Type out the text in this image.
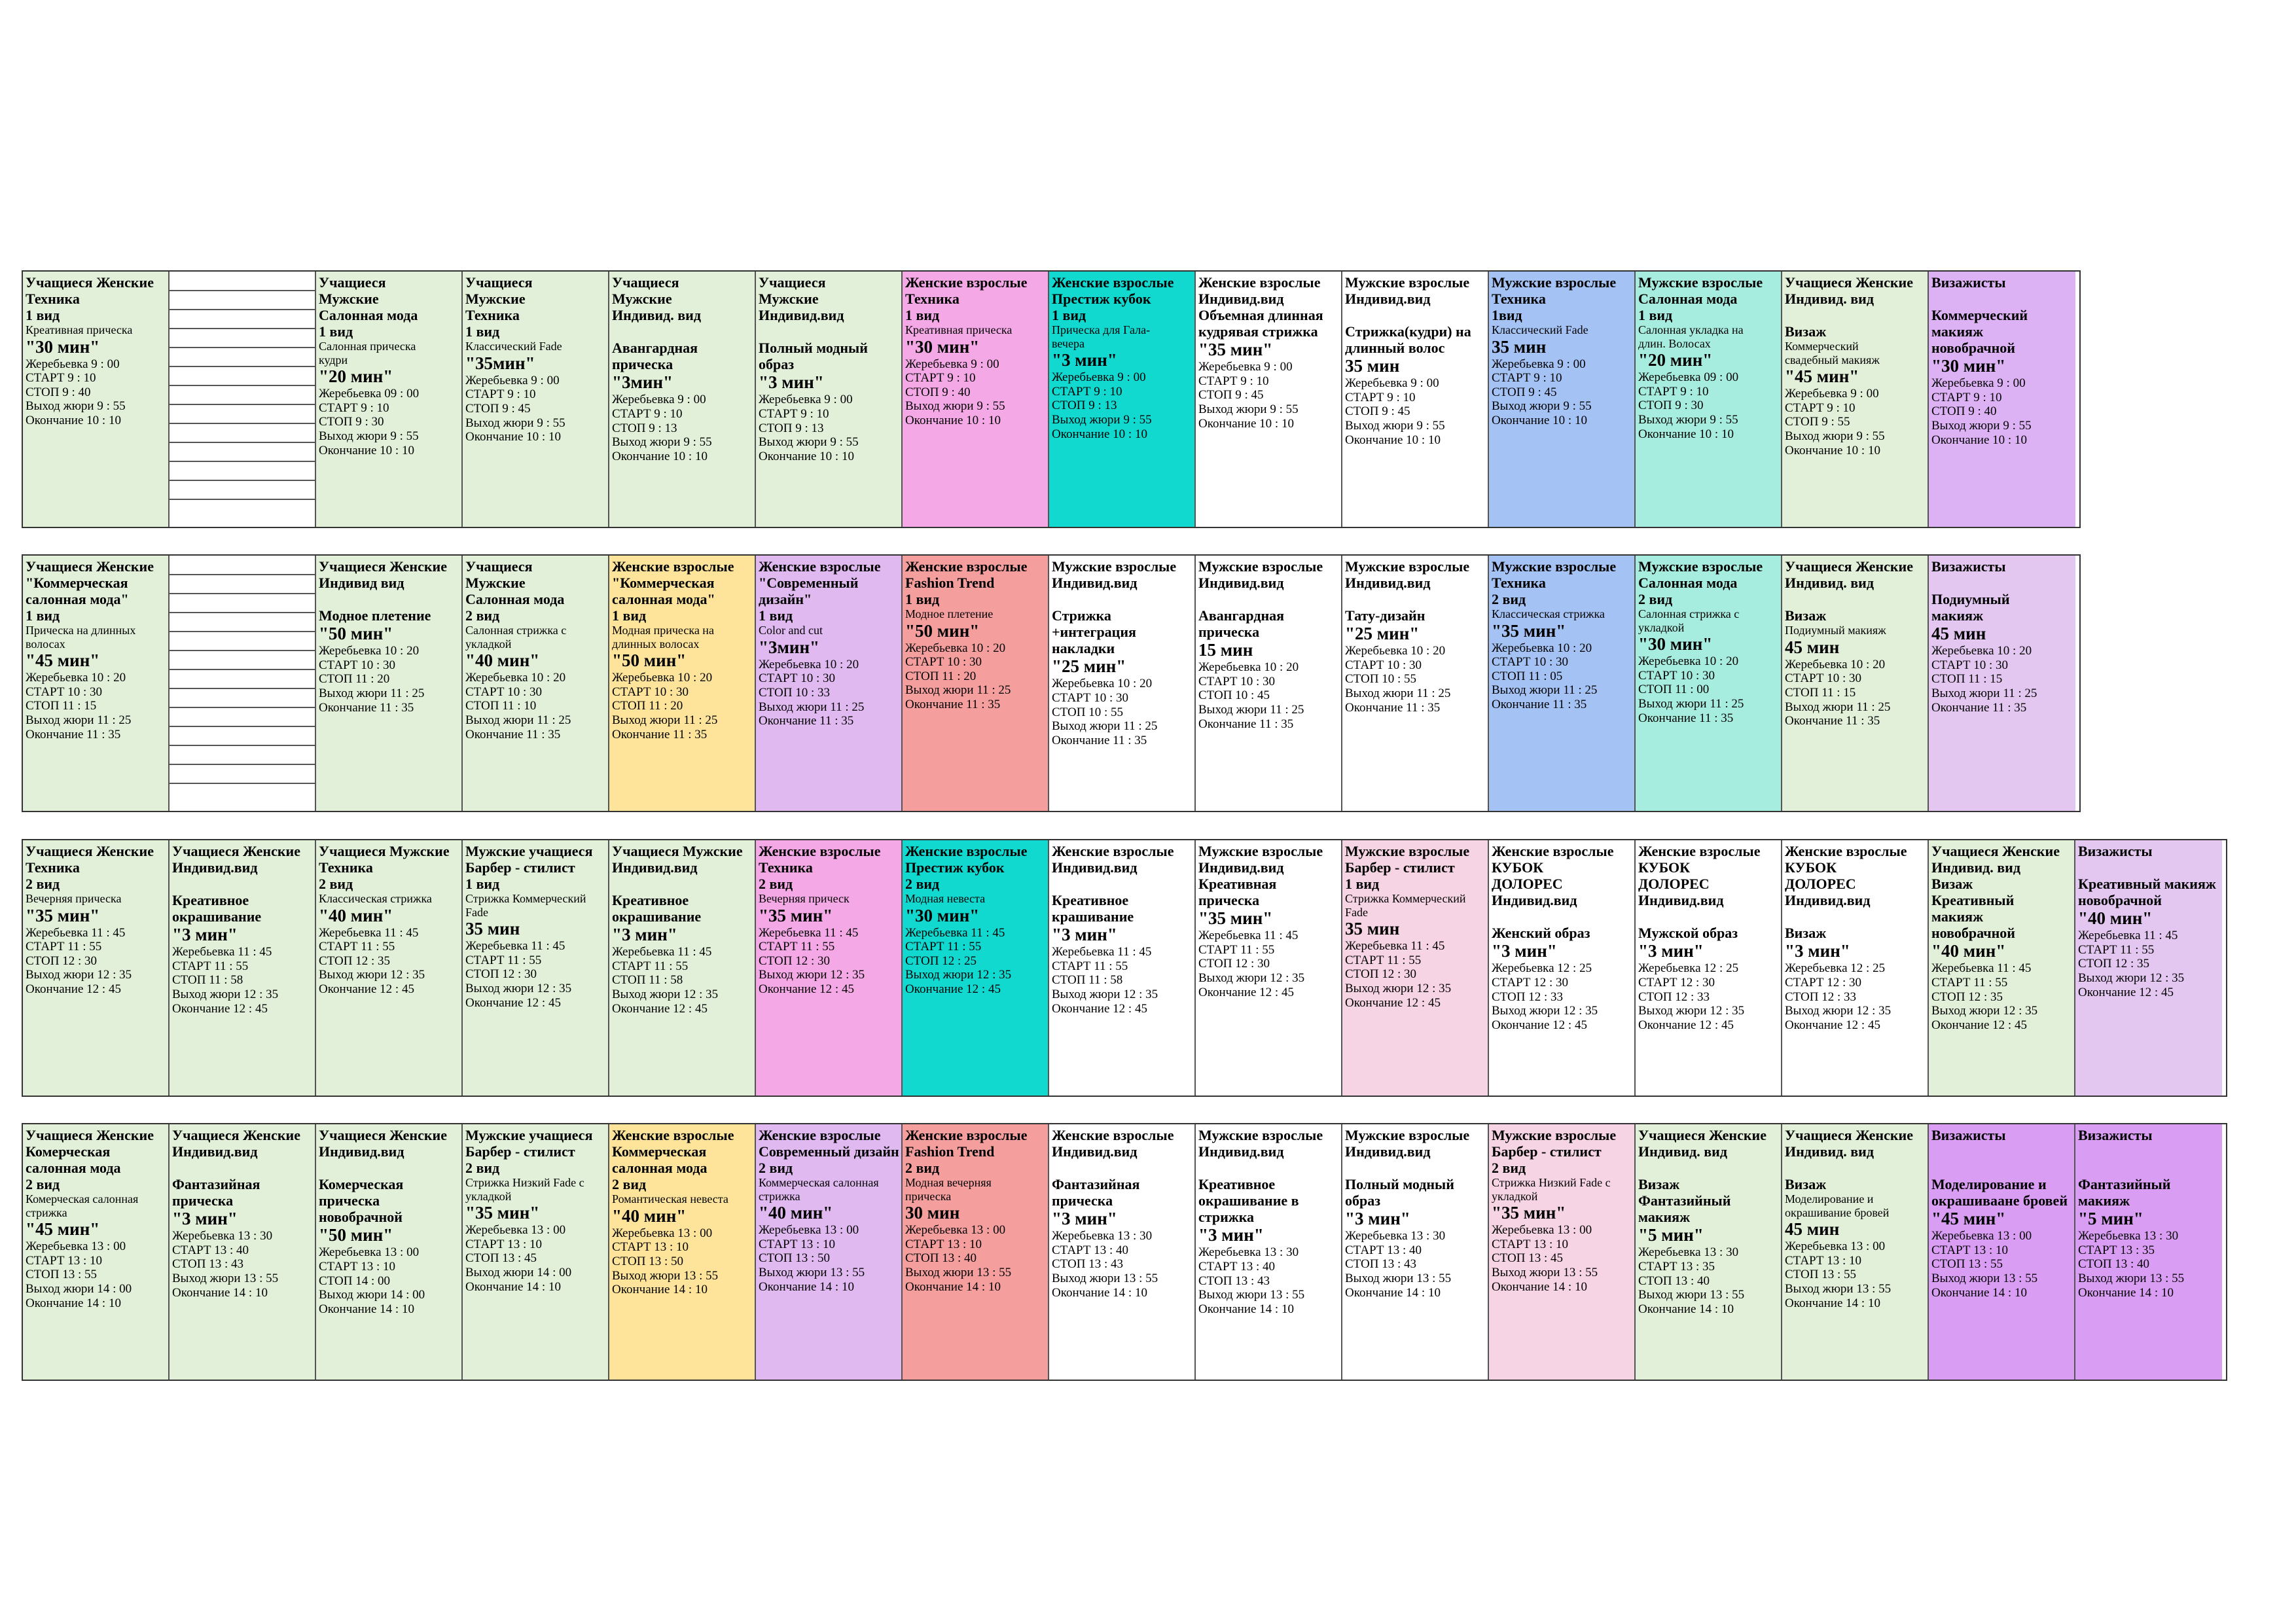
Учащиеся Женские
Техника
1 вид
Креативная прическа
"30 мин"
Жеребьевка 9 : 00
СТАРТ 9 : 10
СТОП 9 : 40
Выход жюри 9 : 55
Окончание 10 : 10
Учащиеся
Мужские
Салонная мода
1 вид
Салонная прическа
кудри
"20 мин"
Жеребьевка 09 : 00
СТАРТ 9 : 10
СТОП 9 : 30
Выход жюри 9 : 55
Окончание 10 : 10
Учащиеся
Мужские
Техника
1 вид
Классический Fade
"35мин"
Жеребьевка 9 : 00
СТАРТ 9 : 10
СТОП 9 : 45
Выход жюри 9 : 55
Окончание 10 : 10
Учащиеся
Мужские
Индивид. вид

Авангардная
прическа
"3мин"
Жеребьевка 9 : 00
СТАРТ 9 : 10
СТОП 9 : 13
Выход жюри 9 : 55
Окончание 10 : 10
Учащиеся
Мужские
Индивид.вид

Полный модный образ
"3 мин"
Жеребьевка 9 : 00
СТАРТ 9 : 10
СТОП 9 : 13
Выход жюри 9 : 55
Окончание 10 : 10
Женские взрослые
Техника
1 вид
Креативная прическа
"30 мин"
Жеребьевка 9 : 00
СТАРТ 9 : 10
СТОП 9 : 40
Выход жюри 9 : 55
Окончание 10 : 10
Женские взрослые
Престиж кубок
1 вид
Прическа для Гала-
вечера
"3 мин"
Жеребьевка 9 : 00
СТАРТ 9 : 10
СТОП 9 : 13
Выход жюри 9 : 55
Окончание 10 : 10
Женские взрослые
Индивид.вид
Объемная длинная
кудрявая стрижка
"35 мин"
Жеребьевка 9 : 00
СТАРТ 9 : 10
СТОП 9 : 45
Выход жюри 9 : 55
Окончание 10 : 10
Мужские взрослые
Индивид.вид

Стрижка(кудри) на
длинный волос
35 мин
Жеребьевка 9 : 00
СТАРТ 9 : 10
СТОП 9 : 45
Выход жюри 9 : 55
Окончание 10 : 10
Мужские взрослые
Техника
1вид
Классический Fade
35 мин
Жеребьевка 9 : 00
СТАРТ 9 : 10
СТОП 9 : 45
Выход жюри 9 : 55
Окончание 10 : 10
Мужские взрослые
Салонная мода
1 вид
Салонная укладка на
длин. Волосах
"20 мин"
Жеребьевка 09 : 00
СТАРТ 9 : 10
СТОП 9 : 30
Выход жюри 9 : 55
Окончание 10 : 10
Учащиеся Женские
Индивид. вид

Визаж
Коммерческий
свадебный макияж
"45 мин"
Жеребьевка 9 : 00
СТАРТ 9 : 10
СТОП 9 : 55
Выход жюри 9 : 55
Окончание 10 : 10
Визажисты

Коммерческий
макияж
новобрачной
"30 мин"
Жеребьевка 9 : 00
СТАРТ 9 : 10
СТОП 9 : 40
Выход жюри 9 : 55
Окончание 10 : 10
Учащиеся Женские
"Коммерческая
салонная мода"
1 вид
Прическа на длинных
волосах
"45 мин"
Жеребьевка 10 : 20
СТАРТ 10 : 30
СТОП 11 : 15
Выход жюри 11 : 25
Окончание 11 : 35
Учащиеся Женские
Индивид вид

Модное плетение
"50 мин"
Жеребьевка 10 : 20
СТАРТ 10 : 30
СТОП 11 : 20
Выход жюри 11 : 25
Окончание 11 : 35
Учащиеся
Мужские
Салонная мода
2 вид
Салонная стрижка с
укладкой
"40 мин"
Жеребьевка 10 : 20
СТАРТ 10 : 30
СТОП 11 : 10
Выход жюри 11 : 25
Окончание 11 : 35
Женские взрослые
"Коммерческая
салонная мода"
1 вид
Модная прическа на
длинных волосах
"50 мин"
Жеребьевка 10 : 20
СТАРТ 10 : 30
СТОП 11 : 20
Выход жюри 11 : 25
Окончание 11 : 35
Женские взрослые
"Современный
дизайн"
1 вид
Color and cut
"3мин"
Жеребьевка 10 : 20
СТАРТ 10 : 30
СТОП 10 : 33
Выход жюри 11 : 25
Окончание 11 : 35
Женские взрослые
Fashion Trend
1 вид
Модное плетение
"50 мин"
Жеребьевка 10 : 20
СТАРТ 10 : 30
СТОП 11 : 20
Выход жюри 11 : 25
Окончание 11 : 35
Мужские взрослые
Индивид.вид

Стрижка
+интеграция
накладки
"25 мин"
Жеребьевка 10 : 20
СТАРТ 10 : 30
СТОП 10 : 55
Выход жюри 11 : 25
Окончание 11 : 35
Мужские взрослые
Индивид.вид

Авангардная
прическа
15 мин
Жеребьевка 10 : 20
СТАРТ 10 : 30
СТОП 10 : 45
Выход жюри 11 : 25
Окончание 11 : 35
Мужские взрослые
Индивид.вид

Тату-дизайн
"25 мин"
Жеребьевка 10 : 20
СТАРТ 10 : 30
СТОП 10 : 55
Выход жюри 11 : 25
Окончание 11 : 35
Мужские взрослые
Техника
2 вид
Классическая стрижка
"35 мин"
Жеребьевка 10 : 20
СТАРТ 10 : 30
СТОП 11 : 05
Выход жюри 11 : 25
Окончание 11 : 35
Мужские взрослые
Салонная мода
2 вид
Салонная стрижка с
укладкой
"30 мин"
Жеребьевка 10 : 20
СТАРТ 10 : 30
СТОП 11 : 00
Выход жюри 11 : 25
Окончание 11 : 35
Учащиеся Женские
Индивид. вид

Визаж
Подиумный макияж
45 мин
Жеребьевка 10 : 20
СТАРТ 10 : 30
СТОП 11 : 15
Выход жюри 11 : 25
Окончание 11 : 35
Визажисты

Подиумный
макияж
45 мин
Жеребьевка 10 : 20
СТАРТ 10 : 30
СТОП 11 : 15
Выход жюри 11 : 25
Окончание 11 : 35
Учащиеся Женские
Техника
2 вид
Вечерняя прическа
"35 мин"
Жеребьевка 11 : 45
СТАРТ 11 : 55
СТОП 12 : 30
Выход жюри 12 : 35
Окончание 12 : 45
Учащиеся Женские
Индивид.вид

Креативное
окрашивание
"3 мин"
Жеребьевка 11 : 45
СТАРТ 11 : 55
СТОП 11 : 58
Выход жюри 12 : 35
Окончание 12 : 45
Учащиеся Мужские
Техника
2 вид
Классическая стрижка
"40 мин"
Жеребьевка 11 : 45
СТАРТ 11 : 55
СТОП 12 : 35
Выход жюри 12 : 35
Окончание 12 : 45
Мужские учащиеся
Барбер - стилист
1 вид
Стрижка Коммерческий
Fade
35 мин
Жеребьевка 11 : 45
СТАРТ 11 : 55
СТОП 12 : 30
Выход жюри 12 : 35
Окончание 12 : 45
Учащиеся Мужские
Индивид.вид

Креативное
окрашивание
"3 мин"
Жеребьевка 11 : 45
СТАРТ 11 : 55
СТОП 11 : 58
Выход жюри 12 : 35
Окончание 12 : 45
Женские взрослые
Техника
2 вид
Вечерняя прическ
"35 мин"
Жеребьевка 11 : 45
СТАРТ 11 : 55
СТОП 12 : 30
Выход жюри 12 : 35
Окончание 12 : 45
Женские взрослые
Престиж кубок
2 вид
Модная невеста
"30 мин"
Жеребьевка 11 : 45
СТАРТ 11 : 55
СТОП 12 : 25
Выход жюри 12 : 35
Окончание 12 : 45
Женские взрослые
Индивид.вид

Креативное
крашивание
"3 мин"
Жеребьевка 11 : 45
СТАРТ 11 : 55
СТОП 11 : 58
Выход жюри 12 : 35
Окончание 12 : 45
Мужские взрослые
Индивид.вид
Креативная
прическа
"35 мин"
Жеребьевка 11 : 45
СТАРТ 11 : 55
СТОП 12 : 30
Выход жюри 12 : 35
Окончание 12 : 45
Мужские взрослые
Барбер - стилист
1 вид
Стрижка Коммерческий
Fade
35 мин
Жеребьевка 11 : 45
СТАРТ 11 : 55
СТОП 12 : 30
Выход жюри 12 : 35
Окончание 12 : 45
Женские взрослые
КУБОК
ДОЛОРЕС
Индивид.вид

Женский образ
"3 мин"
Жеребьевка 12 : 25
СТАРТ 12 : 30
СТОП 12 : 33
Выход жюри 12 : 35
Окончание 12 : 45
Женские взрослые
КУБОК
ДОЛОРЕС
Индивид.вид

Мужской образ
"3 мин"
Жеребьевка 12 : 25
СТАРТ 12 : 30
СТОП 12 : 33
Выход жюри 12 : 35
Окончание 12 : 45
Женские взрослые
КУБОК
ДОЛОРЕС
Индивид.вид

Визаж
"3 мин"
Жеребьевка 12 : 25
СТАРТ 12 : 30
СТОП 12 : 33
Выход жюри 12 : 35
Окончание 12 : 45
Учащиеся Женские
Индивид. вид
Визаж
Креативный
макияж
новобрачной
"40 мин"
Жеребьевка 11 : 45
СТАРТ 11 : 55
СТОП 12 : 35
Выход жюри 12 : 35
Окончание 12 : 45
Визажисты

Креативный макияж
новобрачной
"40 мин"
Жеребьевка 11 : 45
СТАРТ 11 : 55
СТОП 12 : 35
Выход жюри 12 : 35
Окончание 12 : 45
Учащиеся Женские
Комерческая
салонная мода
2 вид
Комерческая салонная
стрижка
"45 мин"
Жеребьевка 13 : 00
СТАРТ 13 : 10
СТОП 13 : 55
Выход жюри 14 : 00
Окончание 14 : 10
Учащиеся Женские
Индивид.вид

Фантазийная
прическа
"3 мин"
Жеребьевка 13 : 30
СТАРТ 13 : 40
СТОП 13 : 43
Выход жюри 13 : 55
Окончание 14 : 10
Учащиеся Женские
Индивид.вид

Комерческая
прическа
новобрачной
"50 мин"
Жеребьевка 13 : 00
СТАРТ 13 : 10
СТОП 14 : 00
Выход жюри 14 : 00
Окончание 14 : 10
Мужские учащиеся
Барбер - стилист
2 вид
Стрижка Низкий Fade с
укладкой
"35 мин"
Жеребьевка 13 : 00
СТАРТ 13 : 10
СТОП 13 : 45
Выход жюри 14 : 00
Окончание 14 : 10
Женские взрослые
Коммерческая
салонная мода
2 вид
Романтическая невеста
"40 мин"
Жеребьевка 13 : 00
СТАРТ 13 : 10
СТОП 13 : 50
Выход жюри 13 : 55
Окончание 14 : 10
Женские взрослые
Современный дизайн
2 вид
Коммерческая салонная
стрижка
"40 мин"
Жеребьевка 13 : 00
СТАРТ 13 : 10
СТОП 13 : 50
Выход жюри 13 : 55
Окончание 14 : 10
Женские взрослые
Fashion Trend
2 вид
Модная вечерняя
прическа
30 мин
Жеребьевка 13 : 00
СТАРТ 13 : 10
СТОП 13 : 40
Выход жюри 13 : 55
Окончание 14 : 10
Женские взрослые
Индивид.вид

Фантазийная
прическа
"3 мин"
Жеребьевка 13 : 30
СТАРТ 13 : 40
СТОП 13 : 43
Выход жюри 13 : 55
Окончание 14 : 10
Мужские взрослые
Индивид.вид

Креативное
окрашивание в
стрижка
"3 мин"
Жеребьевка 13 : 30
СТАРТ 13 : 40
СТОП 13 : 43
Выход жюри 13 : 55
Окончание 14 : 10
Мужские взрослые
Индивид.вид

Полный модный
образ
"3 мин"
Жеребьевка 13 : 30
СТАРТ 13 : 40
СТОП 13 : 43
Выход жюри 13 : 55
Окончание 14 : 10
Мужские взрослые
Барбер - стилист
2 вид
Стрижка Низкий Fade с
укладкой
"35 мин"
Жеребьевка 13 : 00
СТАРТ 13 : 10
СТОП 13 : 45
Выход жюри 13 : 55
Окончание 14 : 10
Учащиеся Женские
Индивид. вид

Визаж
Фантазийный
макияж
"5 мин"
Жеребьевка 13 : 30
СТАРТ 13 : 35
СТОП 13 : 40
Выход жюри 13 : 55
Окончание 14 : 10
Учащиеся Женские
Индивид. вид

Визаж
Моделирование и
окрашивание бровей
45 мин
Жеребьевка 13 : 00
СТАРТ 13 : 10
СТОП 13 : 55
Выход жюри 13 : 55
Окончание 14 : 10
Визажисты

Моделирование и
окрашиваане бровей
"45 мин"
Жеребьевка 13 : 00
СТАРТ 13 : 10
СТОП 13 : 55
Выход жюри 13 : 55
Окончание 14 : 10
Визажисты

Фантазийный макияж
"5 мин"
Жеребьевка 13 : 30
СТАРТ 13 : 35
СТОП 13 : 40
Выход жюри 13 : 55
Окончание 14 : 10
